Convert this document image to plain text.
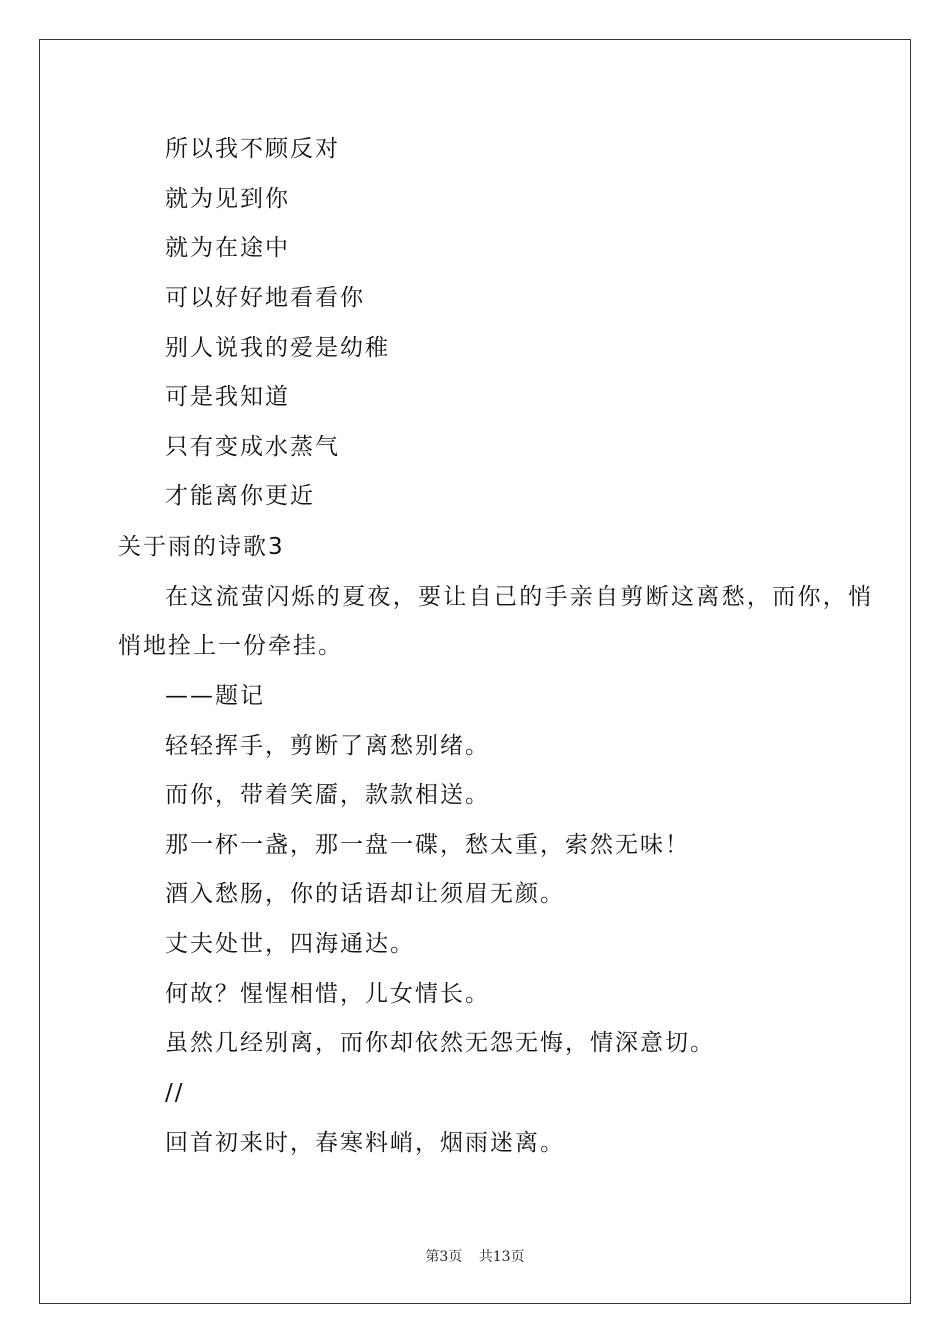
所以我不顾反对
就为见到你
就为在途中
可以好好地看看你
别人说我的爱是幼稚
可是我知道
只有变成水蒸气
才能离你更近
关于雨的诗歌3
在这流萤闪烁的夏夜，要让自己的手亲自剪断这离愁，而你，悄
悄地拴上一份牵挂。
——题记
轻轻挥手，剪断了离愁别绪。
而你，带着笑靥，款款相送。
那一杯一盏，那一盘一碟，愁太重，索然无味！
酒入愁肠，你的话语却让须眉无颜。
丈夫处世，四海通达。
何故？惺惺相惜，儿女情长。
虽然几经别离，而你却依然无怨无悔，情深意切。
//
回首初来时，春寒料峭，烟雨迷离。
第3页 共13页
